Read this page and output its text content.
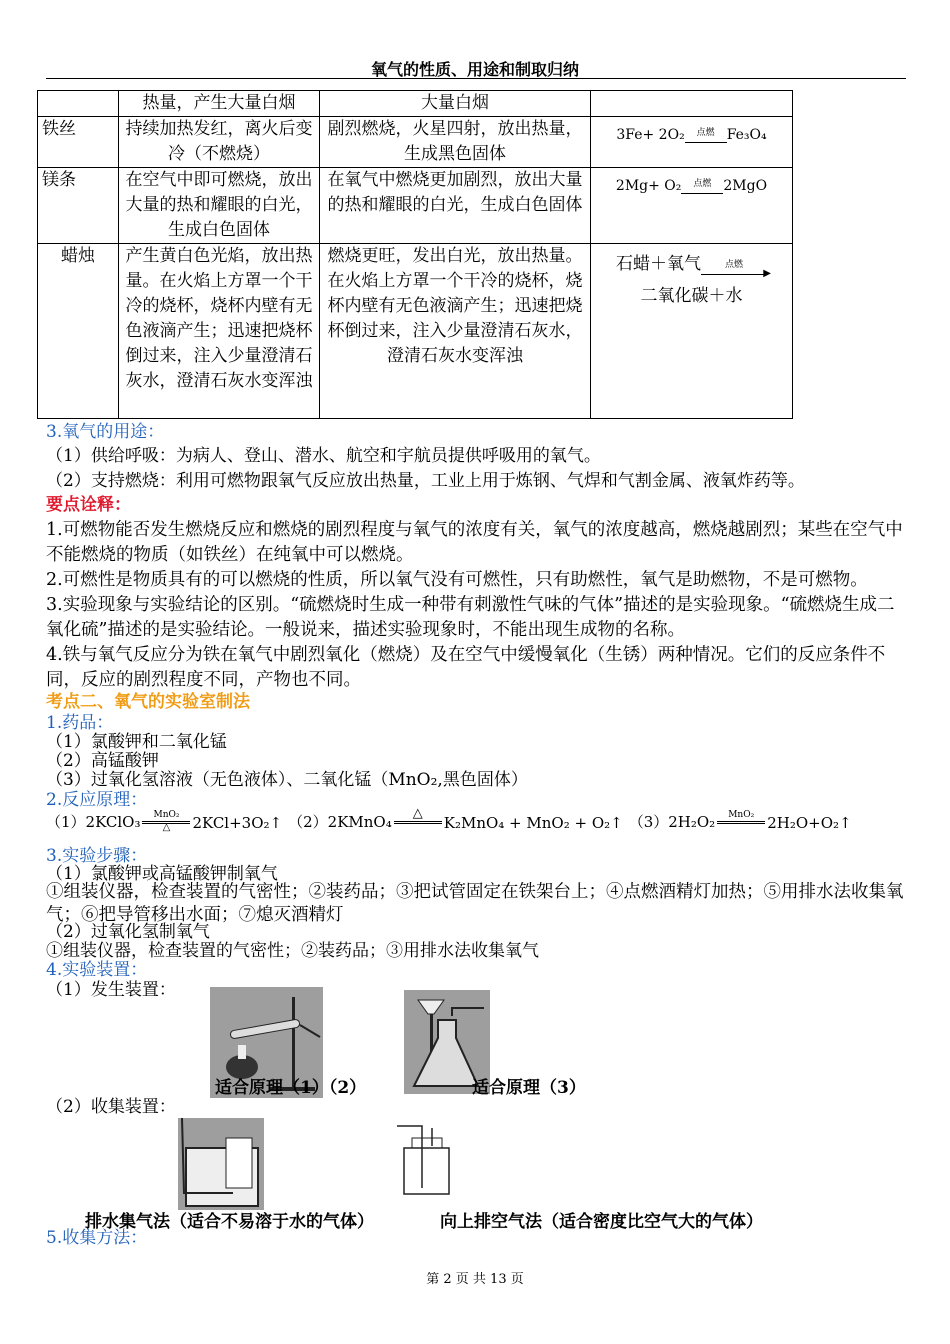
氧气的性质、用途和制取归纳
	热量，产生大量白烟	大量白烟	
铁丝	持续加热发红，离火后变冷（不燃烧）	剧烈燃烧，火星四射，放出热量，生成黑色固体	3Fe+ 2O₂ 点燃 Fe₃O₄

镁条	在空气中即可燃烧，放出大量的热和耀眼的白光，生成白色固体	在氧气中燃烧更加剧烈，放出大量的热和耀眼的白光，生成白色固体	2Mg+ O₂ 点燃 2MgO

蜡烛	产生黄白色光焰，放出热量。在火焰上方罩一个干冷的烧杯，烧杯内壁有无色液滴产生；迅速把烧杯倒过来，注入少量澄清石灰水，澄清石灰水变浑浊	燃烧更旺，发出白光，放出热量。在火焰上方罩一个干冷的烧杯，烧杯内壁有无色液滴产生；迅速把烧杯倒过来，注入少量澄清石灰水，澄清石灰水变浑浊	石蜡＋氧气 点燃
▶
二氧化碳＋水
3.氧气的用途：
（1）供给呼吸：为病人、登山、潜水、航空和宇航员提供呼吸用的氧气。
（2）支持燃烧：利用可燃物跟氧气反应放出热量，工业上用于炼钢、气焊和气割金属、液氧炸药等。
要点诠释：
1.可燃物能否发生燃烧反应和燃烧的剧烈程度与氧气的浓度有关，氧气的浓度越高，燃烧越剧烈；某些在空气中不能燃烧的物质（如铁丝）在纯氧中可以燃烧。
2.可燃性是物质具有的可以燃烧的性质，所以氧气没有可燃性，只有助燃性，氧气是助燃物，不是可燃物。
3.实验现象与实验结论的区别。“硫燃烧时生成一种带有刺激性气味的气体”描述的是实验现象。“硫燃烧生成二氧化硫”描述的是实验结论。一般说来，描述实验现象时，不能出现生成物的名称。
4.铁与氧气反应分为铁在氧气中剧烈氧化（燃烧）及在空气中缓慢氧化（生锈）两种情况。它们的反应条件不同，反应的剧烈程度不同，产物也不同。
考点二、氧气的实验室制法
1.药品：
（1）氯酸钾和二氧化锰
（2）高锰酸钾
（3）过氧化氢溶液（无色液体）、二氧化锰（MnO₂,黑色固体）
2.反应原理：
（1）2KClO₃	MnO₂
△	2KCl+3O₂↑ （2）2KMnO₄	△
K₂MnO₄ + MnO₂ + O₂↑ （3）2H₂O₂	MnO₂ 2H₂O+O₂↑
3.实验步骤：
（1）氯酸钾或高锰酸钾制氧气
①组装仪器，检查装置的气密性；②装药品；③把试管固定在铁架台上；④点燃酒精灯加热；⑤用排水法收集氧气；⑥把导管移出水面；⑦熄灭酒精灯
（2）过氧化氢制氧气
①组装仪器，检查装置的气密性；②装药品；③用排水法收集氧气
4.实验装置：
（1）发生装置：
适合原理（1）（2）	适合原理（3）
（2）收集装置：
排水集气法（适合不易溶于水的气体）	向上排空气法（适合密度比空气大的气体）
5.收集方法：
第 2 页 共 13 页
